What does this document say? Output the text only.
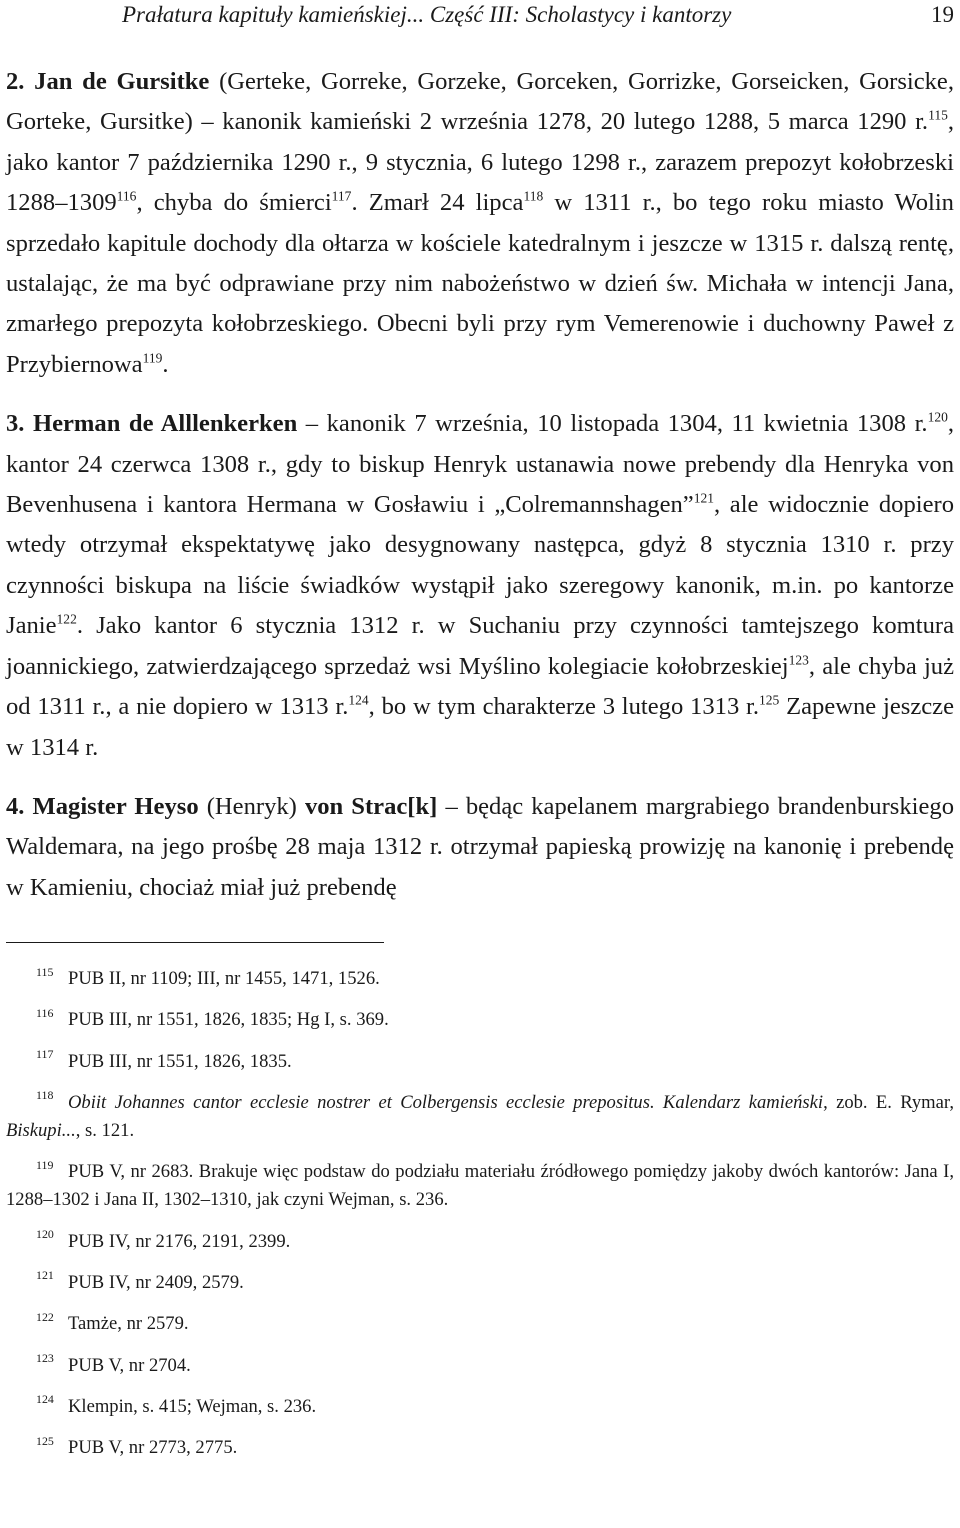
Prałatura kapituły kamieńskiej... Część III: Scholastycy i kantorzy	19

2. Jan de Gursitke (Gerteke, Gorreke, Gorzeke, Gorceken, Gorrizke, Gorseicken, Gorsicke, Gorteke, Gursitke) – kanonik kamieński 2 września 1278, 20 lutego 1288, 5 marca 1290 r.$^{115}$, jako kantor 7 października 1290 r., 9 stycznia, 6 lutego 1298 r., zarazem prepozyt kołobrzeski 1288–1309$^{116}$, chyba do śmierci$^{117}$. Zmarł 24 lipca$^{118}$ w 1311 r., bo tego roku miasto Wolin sprzedało kapitule dochody dla ołtarza w kościele katedralnym i jeszcze w 1315 r. dalszą rentę, ustalając, że ma być odprawiane przy nim nabożeństwo w dzień św. Michała w intencji Jana, zmarłego prepozyta kołobrzeskiego. Obecni byli przy rym Vemerenowie i duchowny Paweł z Przybiernowa$^{119}$.

3. Herman de Alllenkerken – kanonik 7 września, 10 listopada 1304, 11 kwietnia 1308 r.$^{120}$, kantor 24 czerwca 1308 r., gdy to biskup Henryk ustanawia nowe prebendy dla Henryka von Bevenhusena i kantora Hermana w Gosławiu i „Colremannshagen”$^{121}$, ale widocznie dopiero wtedy otrzymał ekspektatywę jako desygnowany następca, gdyż 8 stycznia 1310 r. przy czynności biskupa na liście świadków wystąpił jako szeregowy kanonik, m.in. po kantorze Janie$^{122}$. Jako kantor 6 stycznia 1312 r. w Suchaniu przy czynności tamtejszego komtura joannickiego, zatwierdzającego sprzedaż wsi Myślino kolegiacie kołobrzeskiej$^{123}$, ale chyba już od 1311 r., a nie dopiero w 1313 r.$^{124}$, bo w tym charakterze 3 lutego 1313 r.$^{125}$ Zapewne jeszcze w 1314 r.

4. Magister Heyso (Henryk) von Strac[k] – będąc kapelanem margrabiego brandenburskiego Waldemara, na jego prośbę 28 maja 1312 r. otrzymał papieską prowizję na kanonię i prebendę w Kamieniu, chociaż miał już prebendę

115 PUB II, nr 1109; III, nr 1455, 1471, 1526.

116 PUB III, nr 1551, 1826, 1835; Hg I, s. 369.

117 PUB III, nr 1551, 1826, 1835.

118 Obiit Johannes cantor ecclesie nostrer et Colbergensis ecclesie prepositus. Kalendarz kamieński, zob. E. Rymar, Biskupi..., s. 121.

119 PUB V, nr 2683. Brakuje więc podstaw do podziału materiału źródłowego pomiędzy jakoby dwóch kantorów: Jana I, 1288–1302 i Jana II, 1302–1310, jak czyni Wejman, s. 236.

120 PUB IV, nr 2176, 2191, 2399.

121 PUB IV, nr 2409, 2579.

122 Tamże, nr 2579.

123 PUB V, nr 2704.

124 Klempin, s. 415; Wejman, s. 236.

125 PUB V, nr 2773, 2775.
